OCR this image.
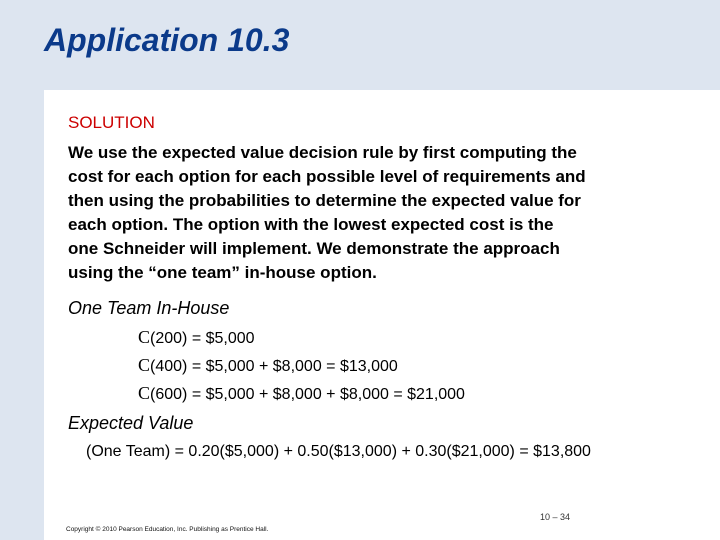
Application 10.3
SOLUTION
We use the expected value decision rule by first computing the
cost for each option for each possible level of requirements and
then using the probabilities to determine the expected value for
each option. The option with the lowest expected cost is the
one Schneider will implement. We demonstrate the approach
using the “one team” in-house option.
One Team In-House
C(200) = $5,000
C(400) = $5,000 + $8,000 = $13,000
C(600) = $5,000 + $8,000 + $8,000 = $21,000
Expected Value
(One Team) = 0.20($5,000) + 0.50($13,000) + 0.30($21,000) = $13,800
10 – 34
Copyright © 2010 Pearson Education, Inc. Publishing as Prentice Hall.
